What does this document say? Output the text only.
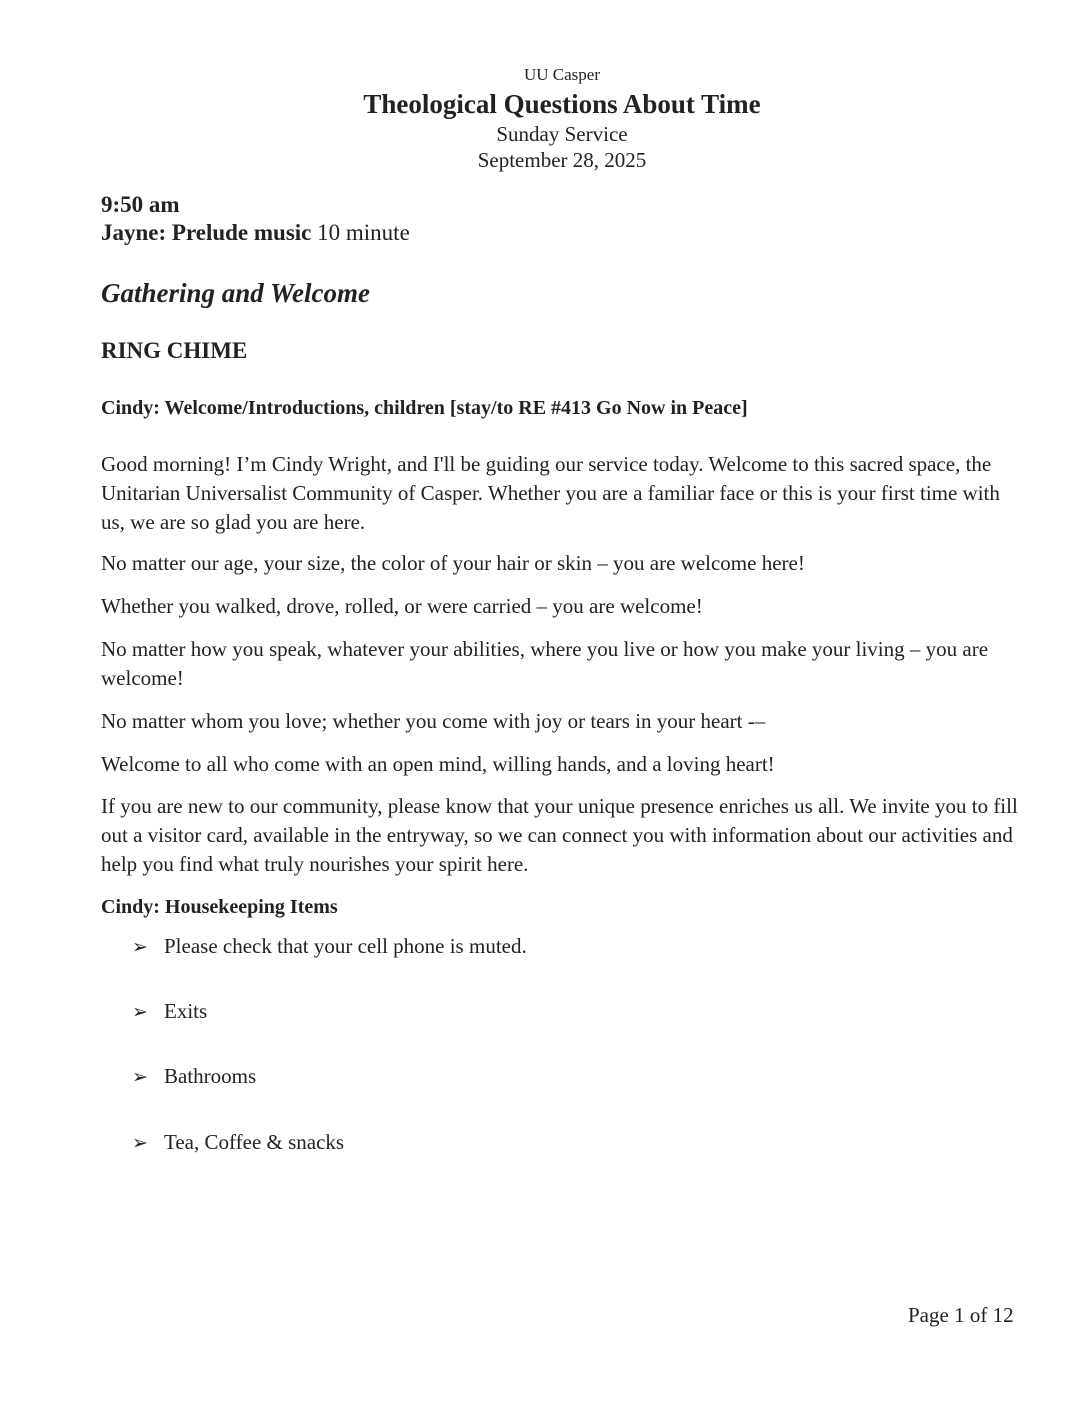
UU Casper

Theological Questions About Time

Sunday Service

September 28, 2025

9:50 am

Jayne: Prelude music 10 minute

Gathering and Welcome

RING CHIME

Cindy: Welcome/Introductions, children [stay/to RE #413 Go Now in Peace]

Good morning! I’m Cindy Wright, and I'll be guiding our service today. Welcome to this sacred space, the Unitarian Universalist Community of Casper. Whether you are a familiar face or this is your first time with us, we are so glad you are here.

No matter our age, your size, the color of your hair or skin – you are welcome here!

Whether you walked, drove, rolled, or were carried – you are welcome!

No matter how you speak, whatever your abilities, where you live or how you make your living – you are welcome!

No matter whom you love; whether you come with joy or tears in your heart -–

Welcome to all who come with an open mind, willing hands, and a loving heart!

If you are new to our community, please know that your unique presence enriches us all. We invite you to fill out a visitor card, available in the entryway, so we can connect you with information about our activities and help you find what truly nourishes your spirit here.

Cindy: Housekeeping Items

➢ Please check that your cell phone is muted.
➢ Exits
➢ Bathrooms
➢ Tea, Coffee & snacks

Page 1 of 12
